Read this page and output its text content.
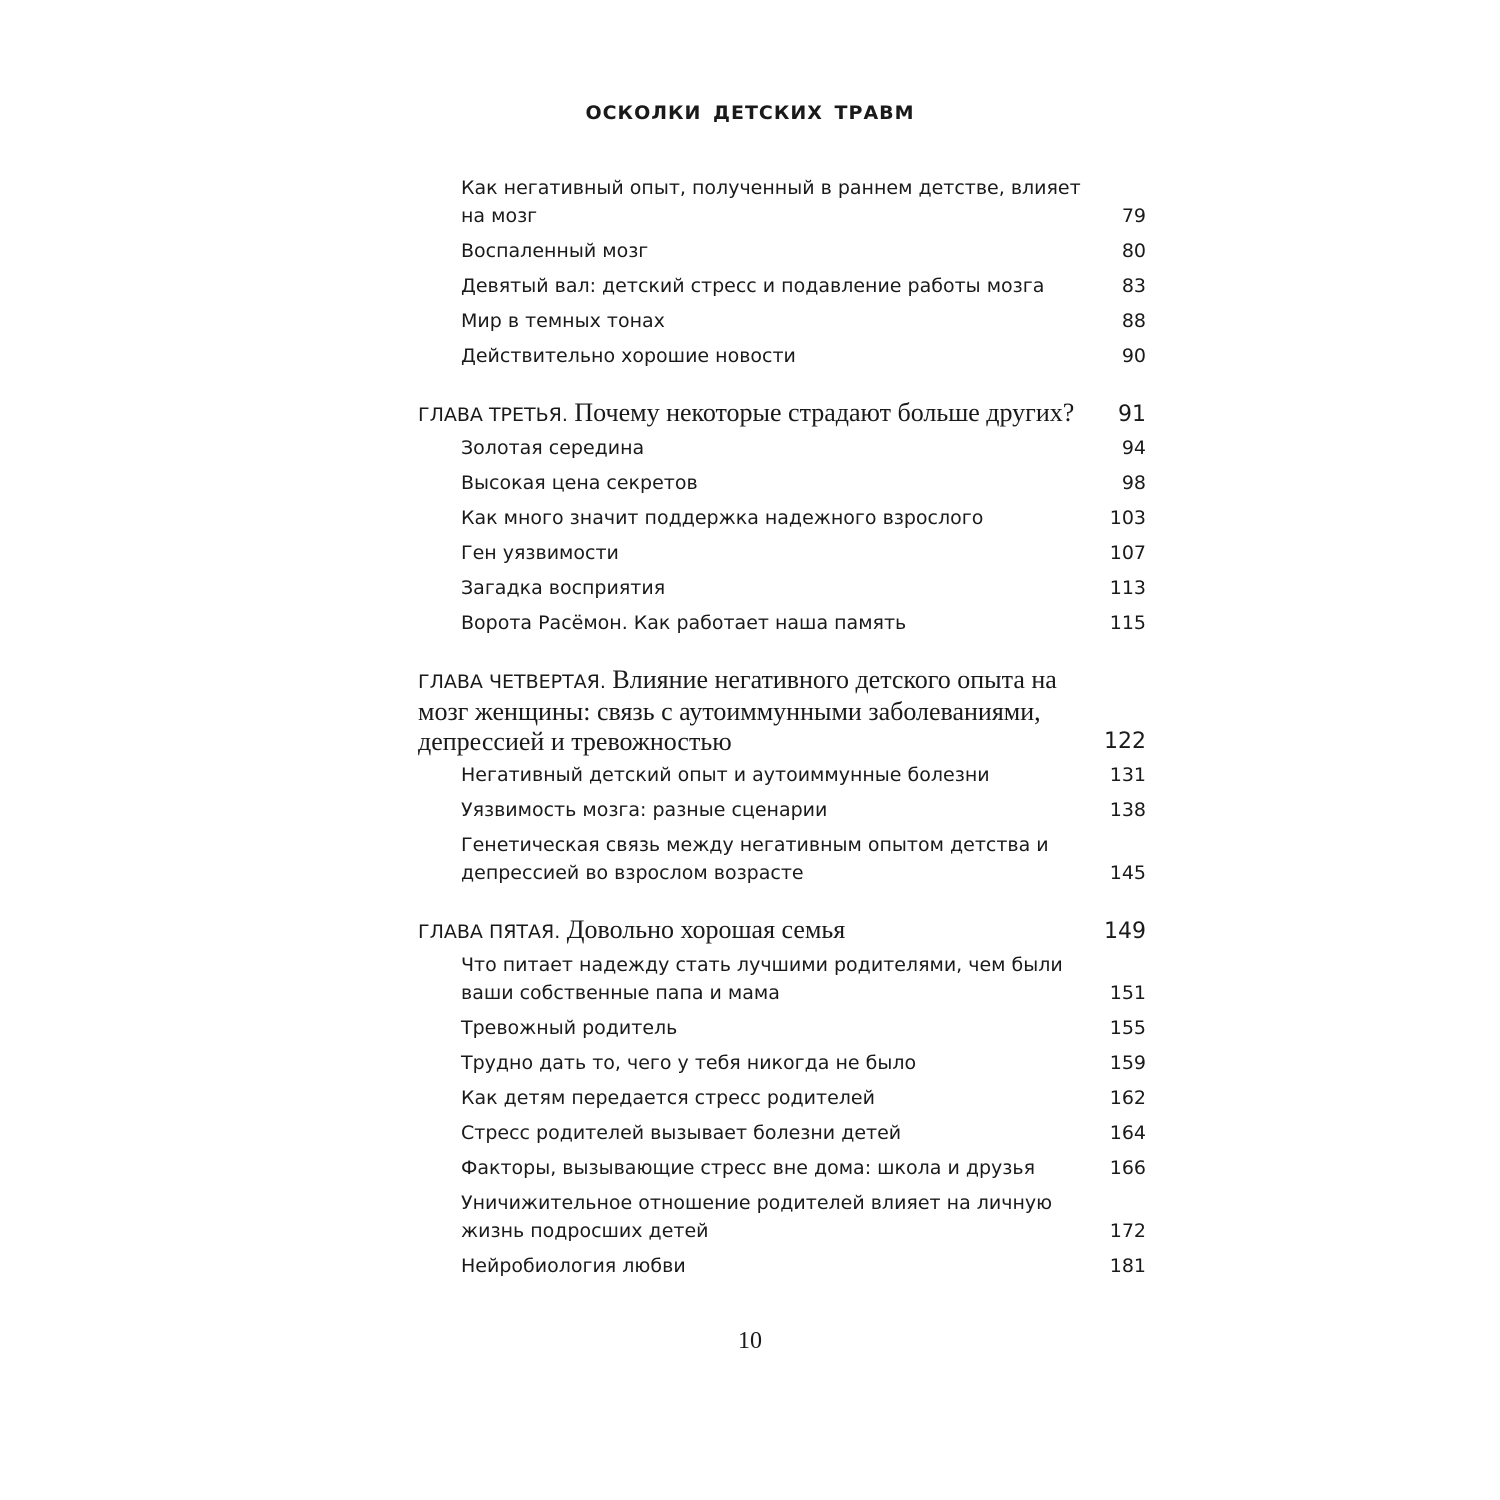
ОСКОЛКИ ДЕТСКИХ ТРАВМ
Как негативный опыт, полученный в раннем детстве, влияет на мозг	79
Воспаленный мозг	80
Девятый вал: детский стресс и подавление работы мозга	83
Мир в темных тонах	88
Действительно хорошие новости	90
ГЛАВА ТРЕТЬЯ. Почему некоторые страдают больше других? 91
Золотая середина	94
Высокая цена секретов	98
Как много значит поддержка надежного взрослого	103
Ген уязвимости	107
Загадка восприятия	113
Ворота Расёмон. Как работает наша память	115
ГЛАВА ЧЕТВЕРТАЯ. Влияние негативного детского опыта на мозг женщины: связь с аутоиммунными заболеваниями, депрессией и тревожностью	122
Негативный детский опыт и аутоиммунные болезни	131
Уязвимость мозга: разные сценарии	138
Генетическая связь между негативным опытом детства и депрессией во взрослом возрасте	145
ГЛАВА ПЯТАЯ. Довольно хорошая семья	149
Что питает надежду стать лучшими родителями, чем были ваши собственные папа и мама	151
Тревожный родитель	155
Трудно дать то, чего у тебя никогда не было	159
Как детям передается стресс родителей	162
Стресс родителей вызывает болезни детей	164
Факторы, вызывающие стресс вне дома: школа и друзья	166
Уничижительное отношение родителей влияет на личную жизнь подросших детей	172
Нейробиология любви	181
10
